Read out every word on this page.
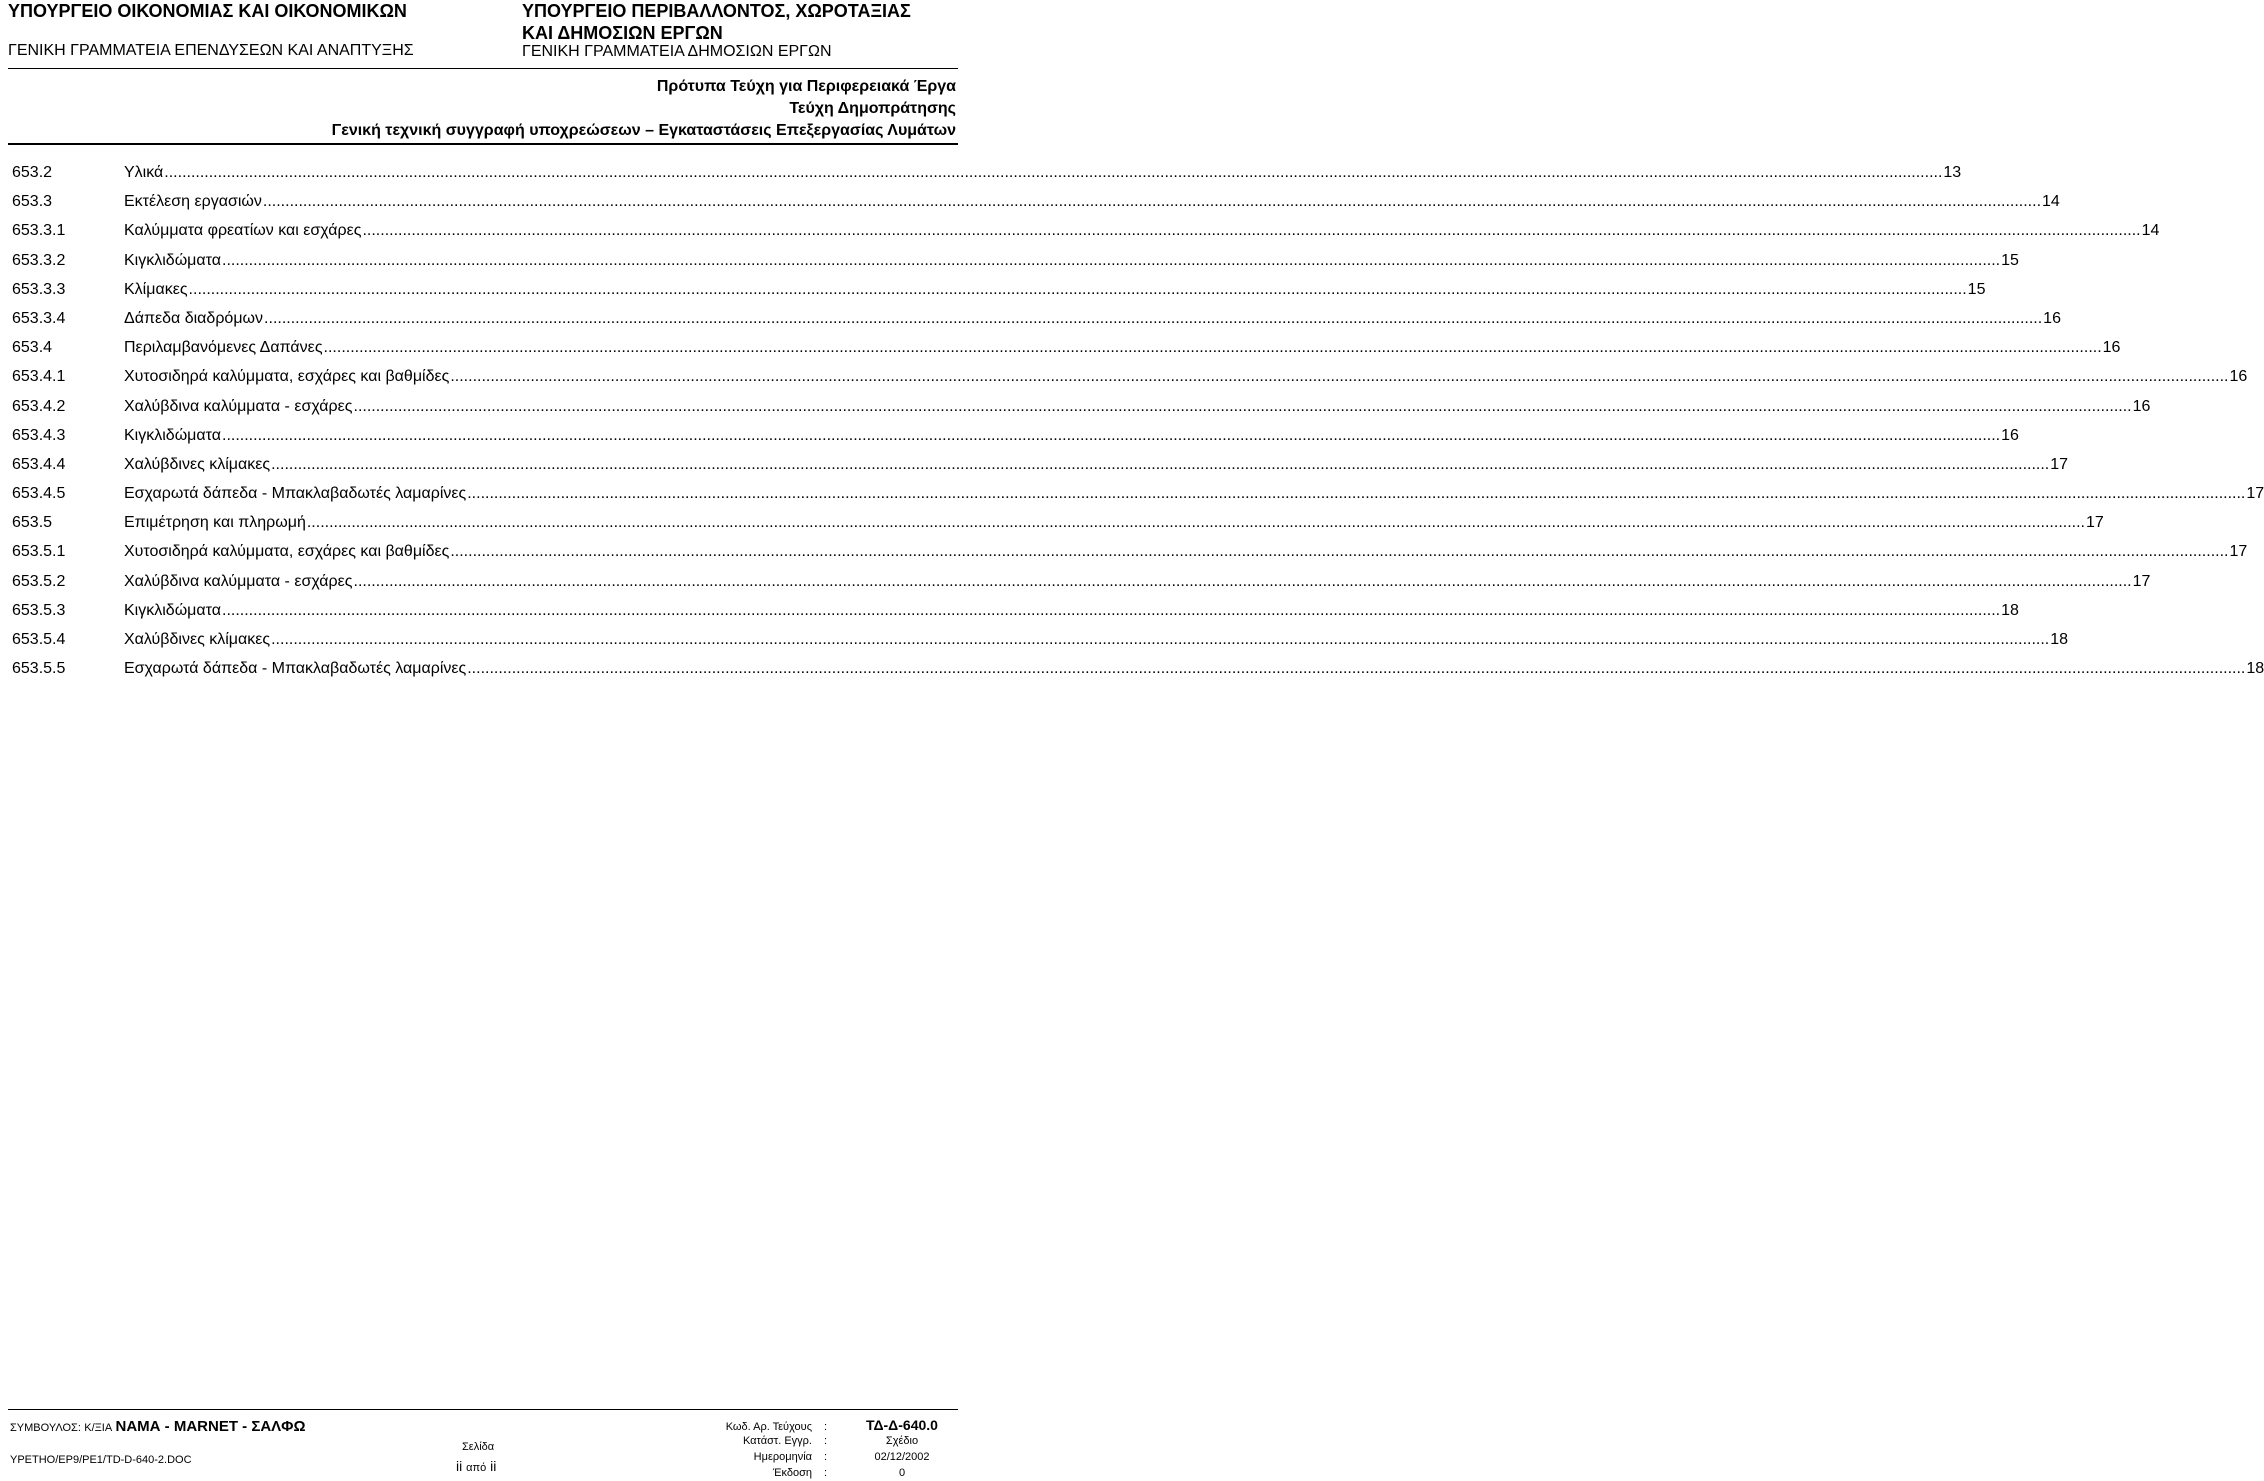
ΥΠΟΥΡΓΕΙΟ ΟΙΚΟΝΟΜΙΑΣ ΚΑΙ ΟΙΚΟΝΟΜΙΚΩΝ
ΓΕΝΙΚΗ ΓΡΑΜΜΑΤΕΙΑ ΕΠΕΝΔΥΣΕΩΝ ΚΑΙ ΑΝΑΠΤΥΞΗΣ
ΥΠΟΥΡΓΕΙΟ ΠΕΡΙΒΑΛΛΟΝΤΟΣ, ΧΩΡΟΤΑΞΙΑΣ
ΚΑΙ ΔΗΜΟΣΙΩΝ ΕΡΓΩΝ
ΓΕΝΙΚΗ ΓΡΑΜΜΑΤΕΙΑ ΔΗΜΟΣΙΩΝ ΕΡΓΩΝ
Πρότυπα Τεύχη για Περιφερειακά Έργα
Τεύχη Δημοπράτησης
Γενική τεχνική συγγραφή υποχρεώσεων – Εγκαταστάσεις Επεξεργασίας Λυμάτων
653.2	Υλικά ................................................................................................................................................................................................................................................................................................................................................................................................................ 13
653.3	Εκτέλεση εργασιών ................................................................................................................................................................................................................................................................................................................................................................................................................ 14
653.3.1	Καλύμματα φρεατίων και εσχάρες ................................................................................................................................................................................................................................................................................................................................................................................................................ 14
653.3.2	Κιγκλιδώματα ................................................................................................................................................................................................................................................................................................................................................................................................................ 15
653.3.3	Κλίμακες ................................................................................................................................................................................................................................................................................................................................................................................................................ 15
653.3.4	Δάπεδα διαδρόμων ................................................................................................................................................................................................................................................................................................................................................................................................................ 16
653.4	Περιλαμβανόμενες Δαπάνες ................................................................................................................................................................................................................................................................................................................................................................................................................ 16
653.4.1	Χυτοσιδηρά καλύμματα, εσχάρες και βαθμίδες ................................................................................................................................................................................................................................................................................................................................................................................................................ 16
653.4.2	Χαλύβδινα καλύμματα - εσχάρες ................................................................................................................................................................................................................................................................................................................................................................................................................ 16
653.4.3	Κιγκλιδώματα ................................................................................................................................................................................................................................................................................................................................................................................................................ 16
653.4.4	Χαλύβδινες κλίμακες ................................................................................................................................................................................................................................................................................................................................................................................................................ 17
653.4.5	Εσχαρωτά δάπεδα - Μπακλαβαδωτές λαμαρίνες ................................................................................................................................................................................................................................................................................................................................................................................................................ 17
653.5	Επιμέτρηση και πληρωμή ................................................................................................................................................................................................................................................................................................................................................................................................................ 17
653.5.1	Χυτοσιδηρά καλύμματα, εσχάρες και βαθμίδες ................................................................................................................................................................................................................................................................................................................................................................................................................ 17
653.5.2	Χαλύβδινα καλύμματα - εσχάρες ................................................................................................................................................................................................................................................................................................................................................................................................................ 17
653.5.3	Κιγκλιδώματα ................................................................................................................................................................................................................................................................................................................................................................................................................ 18
653.5.4	Χαλύβδινες κλίμακες ................................................................................................................................................................................................................................................................................................................................................................................................................ 18
653.5.5	Εσχαρωτά δάπεδα - Μπακλαβαδωτές λαμαρίνες ................................................................................................................................................................................................................................................................................................................................................................................................................ 18
ΣΥΜΒΟΥΛΟΣ: Κ/ΞΙΑ ΝΑΜΑ - MARNET - ΣΑΛΦΩ
ΥΡΕΤΗΟ/ΕΡ9/ΡΕ1/TD-D-640-2.DOC
Σελίδα
ii από ii
Κωδ. Αρ. Τεύχους	:	ΤΔ-Δ-640.0
Κατάστ. Εγγρ.	:	Σχέδιο
Ημερομηνία	:	02/12/2002
Έκδοση	:	0
